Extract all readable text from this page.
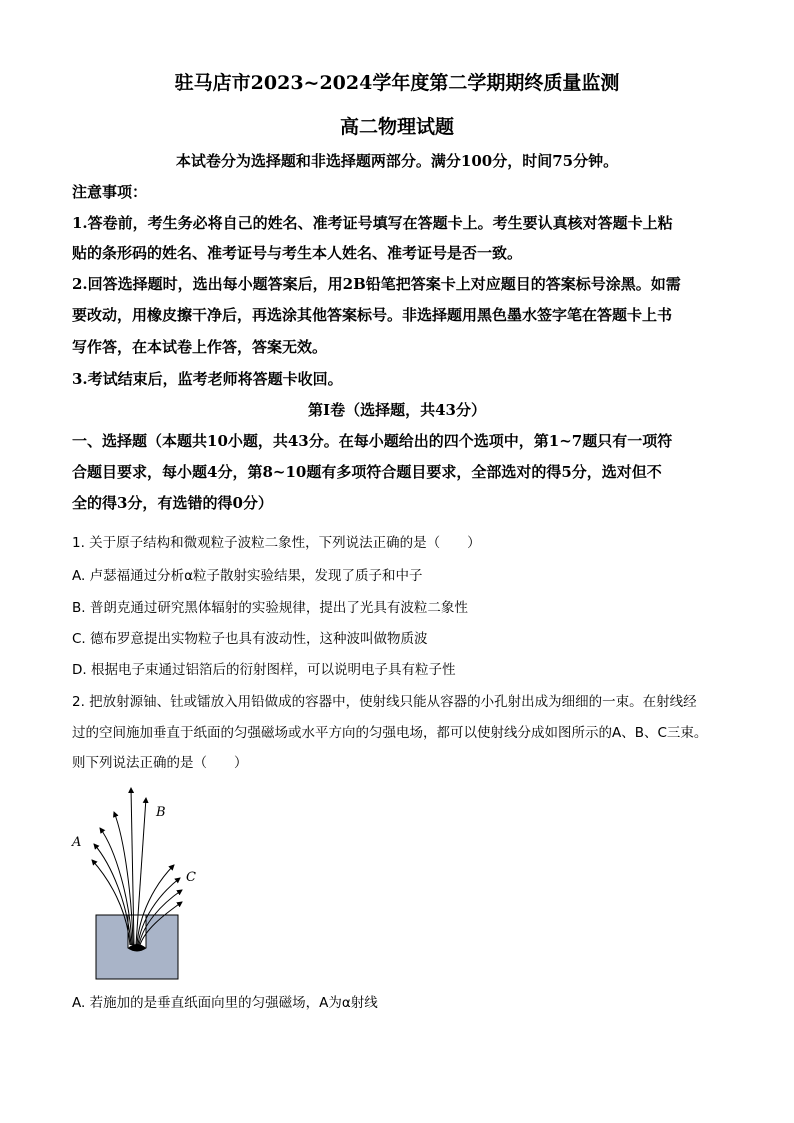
驻马店市2023~2024学年度第二学期期终质量监测
高二物理试题
本试卷分为选择题和非选择题两部分。满分100分，时间75分钟。
注意事项：
1.答卷前，考生务必将自己的姓名、准考证号填写在答题卡上。考生要认真核对答题卡上粘
贴的条形码的姓名、准考证号与考生本人姓名、准考证号是否一致。
2.回答选择题时，选出每小题答案后，用2B铅笔把答案卡上对应题目的答案标号涂黑。如需
要改动，用橡皮擦干净后，再选涂其他答案标号。非选择题用黑色墨水签字笔在答题卡上书
写作答，在本试卷上作答，答案无效。
3.考试结束后，监考老师将答题卡收回。
第Ⅰ卷（选择题，共43分）
一、选择题（本题共10小题，共43分。在每小题给出的四个选项中，第1~7题只有一项符
合题目要求，每小题4分，第8~10题有多项符合题目要求，全部选对的得5分，选对但不
全的得3分，有选错的得0分）
1. 关于原子结构和微观粒子波粒二象性，下列说法正确的是（　　）
A. 卢瑟福通过分析α粒子散射实验结果，发现了质子和中子
B. 普朗克通过研究黑体辐射的实验规律，提出了光具有波粒二象性
C. 德布罗意提出实物粒子也具有波动性，这种波叫做物质波
D. 根据电子束通过铝箔后的衍射图样，可以说明电子具有粒子性
2. 把放射源铀、钍或镭放入用铅做成的容器中，使射线只能从容器的小孔射出成为细细的一束。在射线经
过的空间施加垂直于纸面的匀强磁场或水平方向的匀强电场，都可以使射线分成如图所示的A、B、C三束。
则下列说法正确的是（　　）
A
B
C
A. 若施加的是垂直纸面向里的匀强磁场，A为α射线
